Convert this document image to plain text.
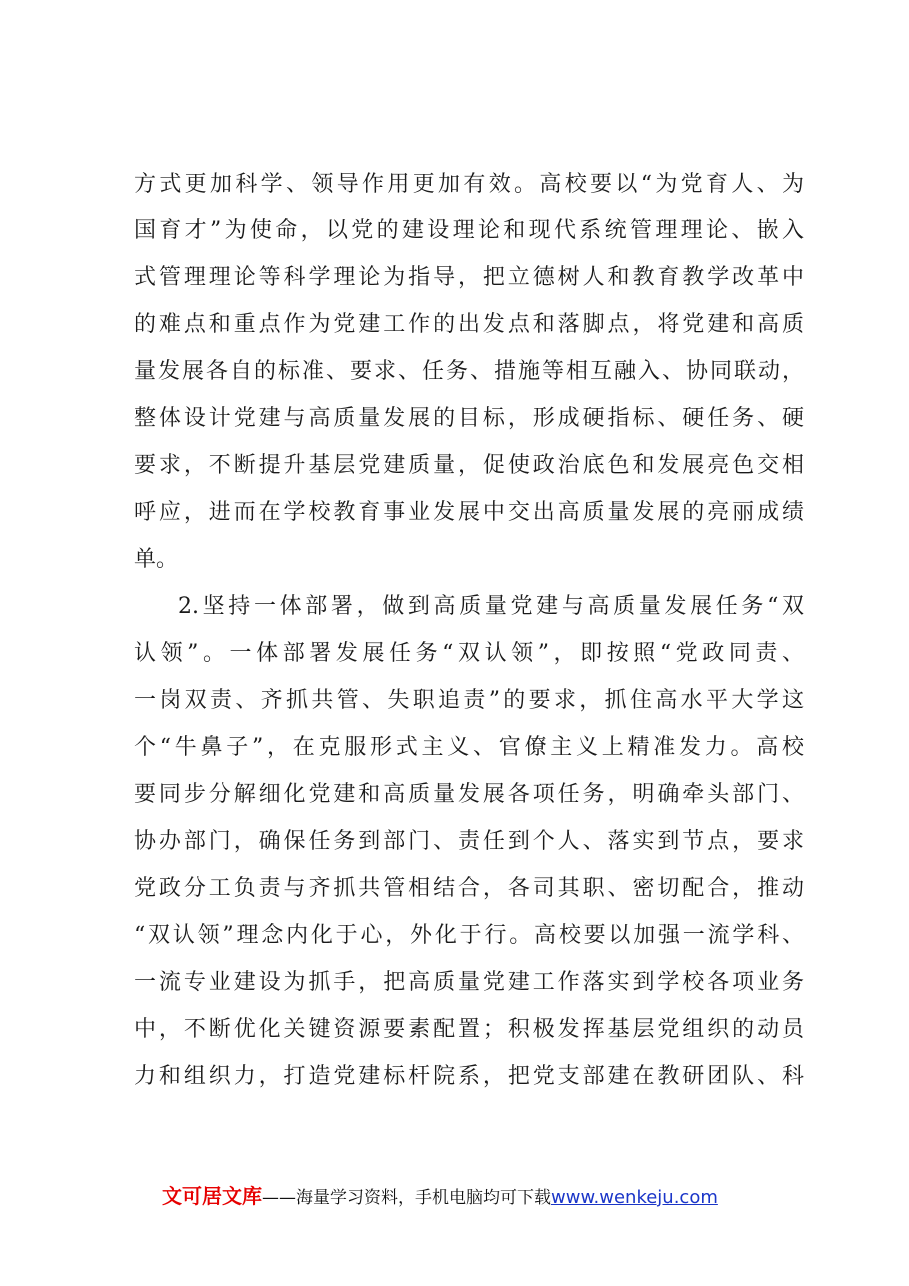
方式更加科学、领导作用更加有效。高校要以“为党育人、为
国育才”为使命，以党的建设理论和现代系统管理理论、嵌入
式管理理论等科学理论为指导，把立德树人和教育教学改革中
的难点和重点作为党建工作的出发点和落脚点，将党建和高质
量发展各自的标准、要求、任务、措施等相互融入、协同联动，
整体设计党建与高质量发展的目标，形成硬指标、硬任务、硬
要求，不断提升基层党建质量，促使政治底色和发展亮色交相
呼应，进而在学校教育事业发展中交出高质量发展的亮丽成绩
单。
2.坚持一体部署，做到高质量党建与高质量发展任务“双
认领”。一体部署发展任务“双认领”，即按照“党政同责、
一岗双责、齐抓共管、失职追责”的要求，抓住高水平大学这
个“牛鼻子”，在克服形式主义、官僚主义上精准发力。高校
要同步分解细化党建和高质量发展各项任务，明确牵头部门、
协办部门，确保任务到部门、责任到个人、落实到节点，要求
党政分工负责与齐抓共管相结合，各司其职、密切配合，推动
“双认领”理念内化于心，外化于行。高校要以加强一流学科、
一流专业建设为抓手，把高质量党建工作落实到学校各项业务
中，不断优化关键资源要素配置；积极发挥基层党组织的动员
力和组织力，打造党建标杆院系，把党支部建在教研团队、科
文可居文库——海量学习资料，手机电脑均可下载www.wenkeju.com
